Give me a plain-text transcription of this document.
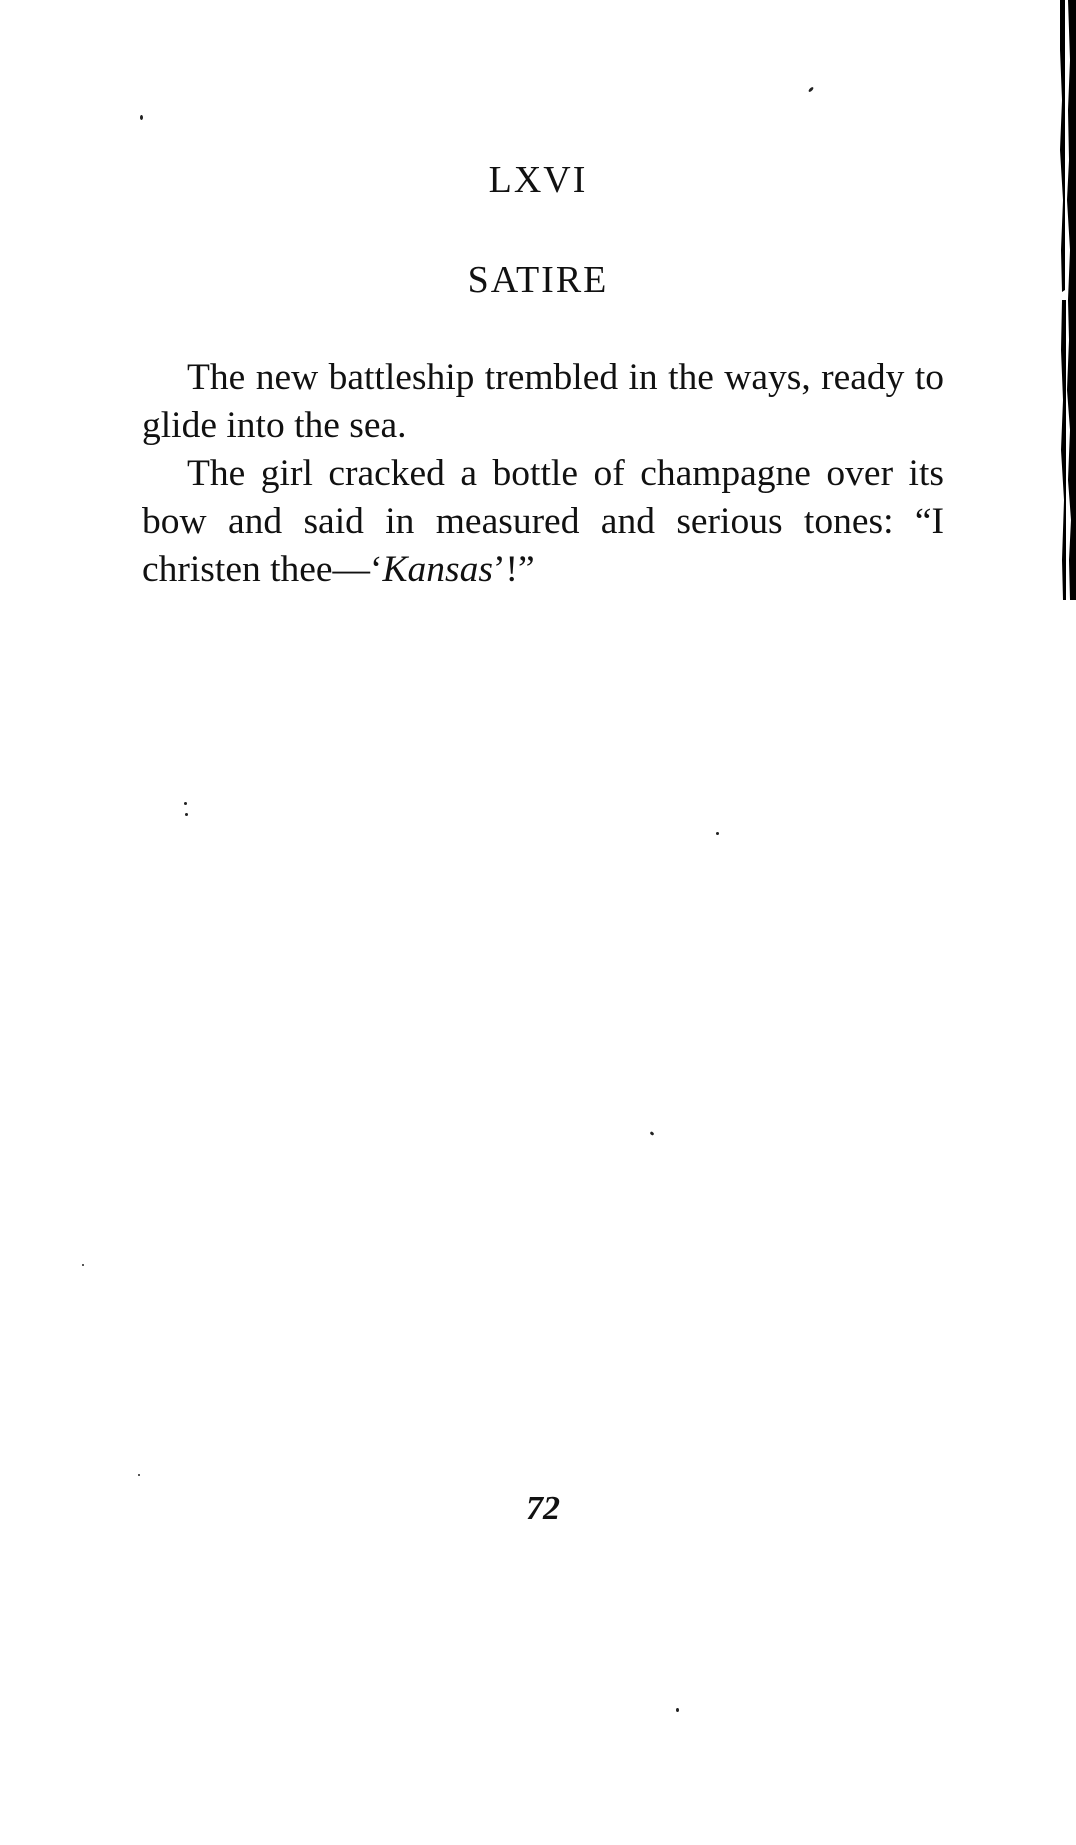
LXVI
SATIRE

The new battleship trembled in the ways, ready to glide into the sea.

The girl cracked a bottle of champagne over its bow and said in measured and serious tones: “I christen thee—‘Kansas’!”

72
